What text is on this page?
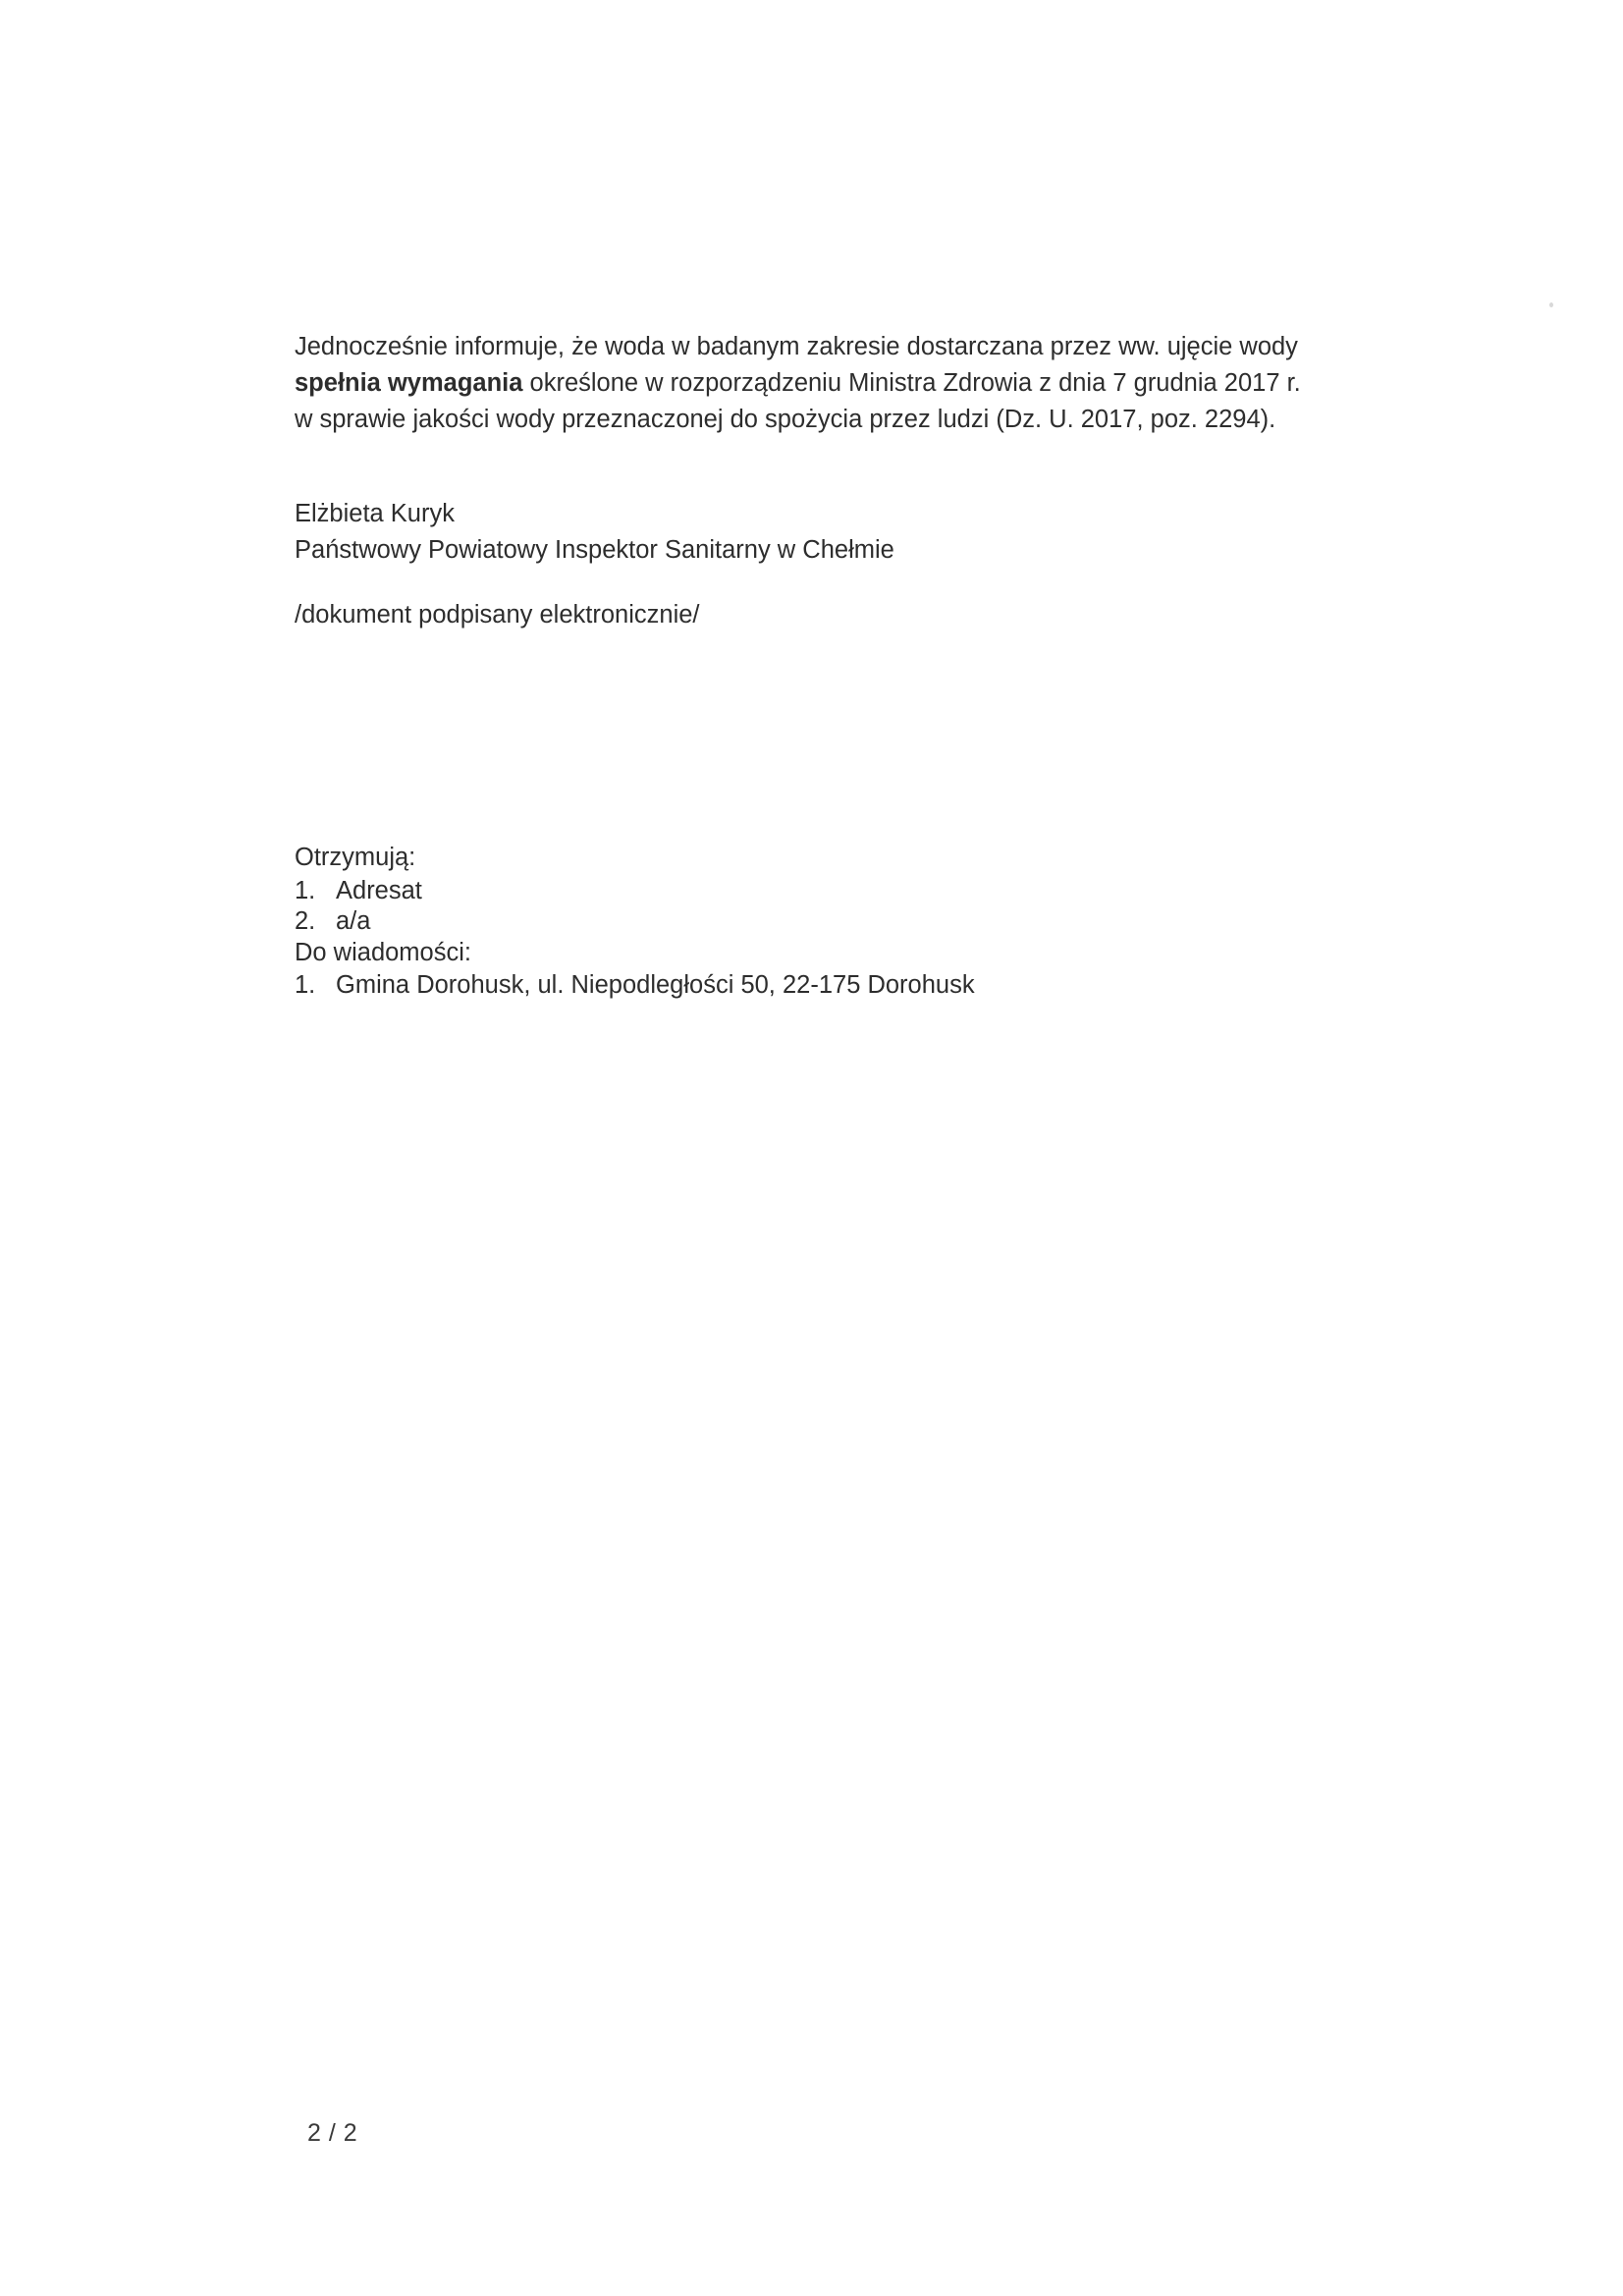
Jednocześnie informuje, że woda w badanym zakresie dostarczana przez ww. ujęcie wody
spełnia wymagania określone w rozporządzeniu Ministra Zdrowia z dnia 7 grudnia 2017 r.
w sprawie jakości wody przeznaczonej do spożycia przez ludzi (Dz. U. 2017, poz. 2294).

Elżbieta Kuryk
Państwowy Powiatowy Inspektor Sanitarny w Chełmie
/dokument podpisany elektronicznie/

Otrzymują:

1. Adresat
2. a/a

Do wiadomości:

1. Gmina Dorohusk, ul. Niepodległości 50, 22-175 Dorohusk
2 / 2
